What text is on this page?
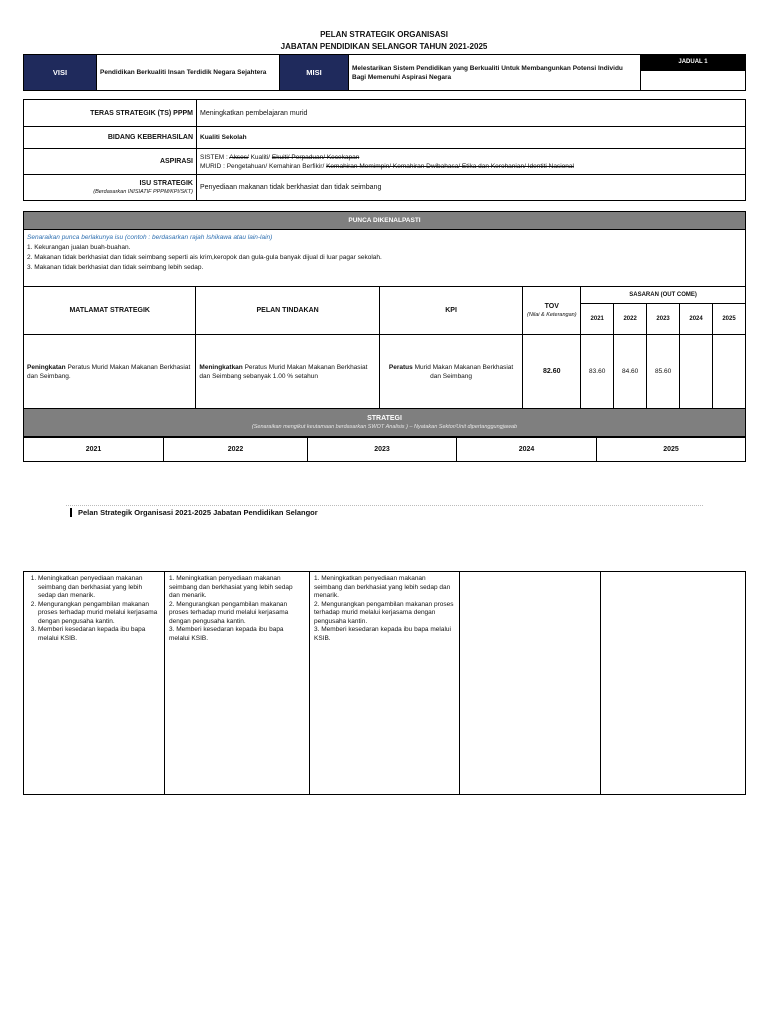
PELAN STRATEGIK ORGANISASI
JABATAN PENDIDIKAN SELANGOR TAHUN 2021-2025
VISI	Pendidikan Berkualiti Insan Terdidik Negara Sejahtera	MISI	Melestarikan Sistem Pendidikan yang Berkualiti Untuk Membangunkan Potensi Individu Bagi Memenuhi Aspirasi Negara	JADUAL 1

TERAS STRATEGIK (TS) PPPM	Meningkatkan pembelajaran murid
BIDANG KEBERHASILAN	Kualiti Sekolah
ASPIRASI	SISTEM : Akses/ Kualiti/ Ekuiti/ Perpaduan/ Kecekapan
MURID : Pengetahuan/ Kemahiran Berfikir/ Kemahiran Memimpin/ Kemahiran Dwibahasa/ Etika dan Kerohanian/ Identiti Nasional

ISU STRATEGIK
(Berdasarkan INISIATIF PPPM/KPI/SKT)	Penyediaan makanan tidak berkhasiat dan tidak seimbang
PUNCA DIKENALPASTI								

Senaraikan punca berlakunya isu (contoh : berdasarkan rajah Ishikawa atau lain-lain)
1. Kekurangan jualan buah-buahan.
2. Makanan tidak berkhasiat dan tidak seimbang seperti ais krim,keropok dan gula-gula banyak dijual di luar pagar sekolah.
3. Makanan tidak berkhasiat dan tidak seimbang lebih sedap.								

MATLAMAT STRATEGIK	PELAN TINDAKAN	KPI	TOV
(Nilai & Keterangan)	SASARAN (OUT COME)				
				2021	2022	2023	2024	2025
Peningkatan Peratus Murid Makan Makanan Berkhasiat dan Seimbang.	Meningkatkan Peratus Murid Makan Makanan Berkhasiat dan Seimbang sebanyak 1.00 % setahun	Peratus Murid Makan Makanan Berkhasiat dan Seimbang	82.60	83.60	84.60	85.60		

STRATEGI
(Senaraikan mengikut keutamaan berdasarkan SWOT Analisis ) – Nyatakan Sektor/Unit dipertanggungjawab								
2021	2022	2023	2024	2025
Pelan Strategik Organisasi 2021-2025 Jabatan Pendidikan Selangor
1. Meningkatkan penyediaan makanan seimbang dan berkhasiat yang lebih sedap dan menarik.
2. Mengurangkan pengambilan makanan proses terhadap murid melalui kerjasama dengan pengusaha kantin.
3. Memberi kesedaran kepada ibu bapa melalui KSIB.

1. Meningkatkan penyediaan makanan seimbang dan berkhasiat yang lebih sedap dan menarik.
2. Mengurangkan pengambilan makanan proses terhadap murid melalui kerjasama dengan pengusaha kantin.
3. Memberi kesedaran kepada ibu bapa melalui KSIB.

1. Meningkatkan penyediaan makanan seimbang dan berkhasiat yang lebih sedap dan menarik.
2. Mengurangkan pengambilan makanan proses terhadap murid melalui kerjasama dengan pengusaha kantin.
3. Memberi kesedaran kepada ibu bapa melalui KSIB.
